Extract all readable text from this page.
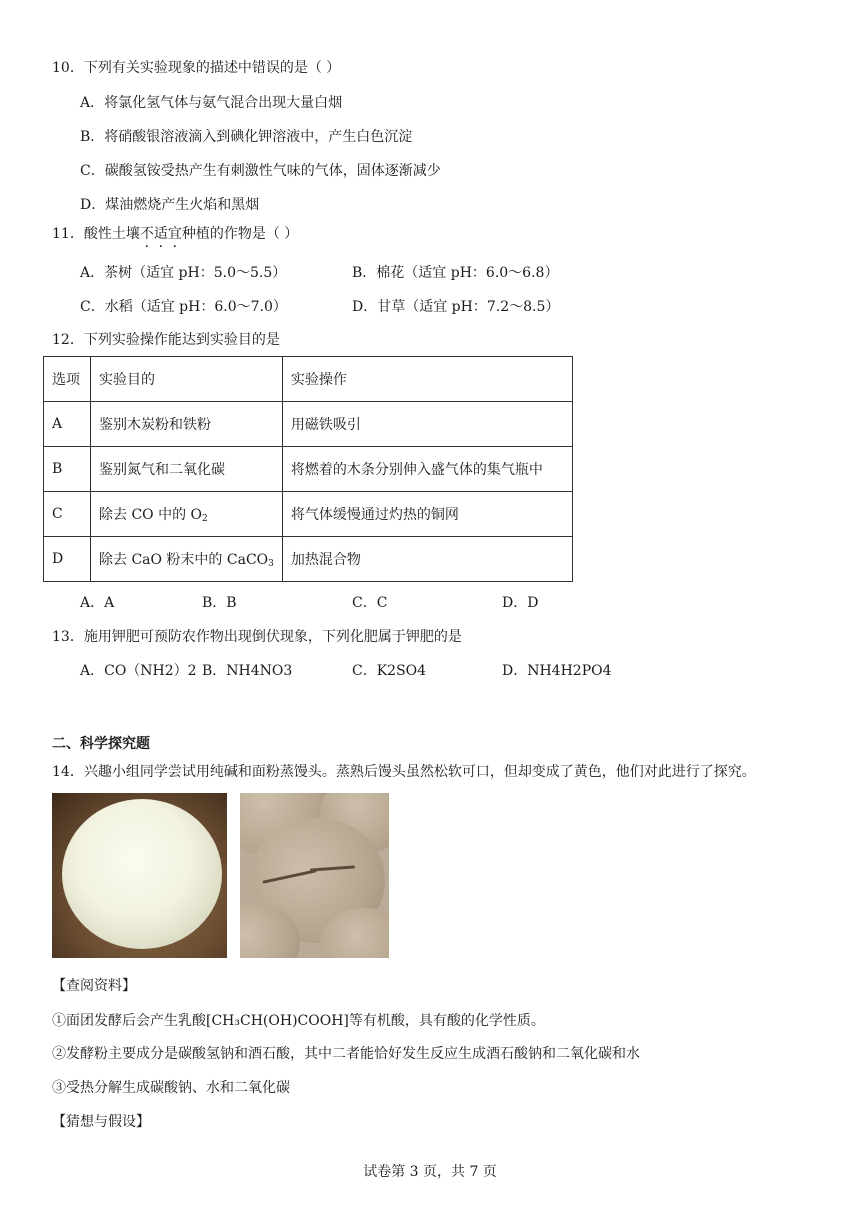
10．下列有关实验现象的描述中错误的是（ ）
A．将氯化氢气体与氨气混合出现大量白烟
B．将硝酸银溶液滴入到碘化钾溶液中，产生白色沉淀
C．碳酸氢铵受热产生有刺激性气味的气体，固体逐渐减少
D．煤油燃烧产生火焰和黑烟
11．酸性土壤不适宜种植的作物是（ ）
A．茶树（适宜 pH：5.0～5.5）	B．棉花（适宜 pH：6.0～6.8）
C．水稻（适宜 pH：6.0～7.0）	D．甘草（适宜 pH：7.2～8.5）
12．下列实验操作能达到实验目的是
选项	实验目的	实验操作
A	鉴别木炭粉和铁粉	用磁铁吸引
B	鉴别氮气和二氧化碳	将燃着的木条分别伸入盛气体的集气瓶中
C	除去 CO 中的 $O_2$	将气体缓慢通过灼热的铜网
D	除去 CaO 粉末中的 CaCO$_3$	加热混合物
A．A	B．B	C．C	D．D
13．施用钾肥可预防农作物出现倒伏现象，下列化肥属于钾肥的是
A．CO（NH2）2 B．NH4NO3	C．K2SO4	D．NH4H2PO4
二、科学探究题
14．兴趣小组同学尝试用纯碱和面粉蒸馒头。蒸熟后馒头虽然松软可口，但却变成了黄色，他们对此进行了探究。
【查阅资料】
①面团发酵后会产生乳酸[CH₃CH(OH)COOH]等有机酸，具有酸的化学性质。
②发酵粉主要成分是碳酸氢钠和酒石酸，其中二者能恰好发生反应生成酒石酸钠和二氧化碳和水
③受热分解生成碳酸钠、水和二氧化碳
【猜想与假设】
试卷第 3 页，共 7 页
